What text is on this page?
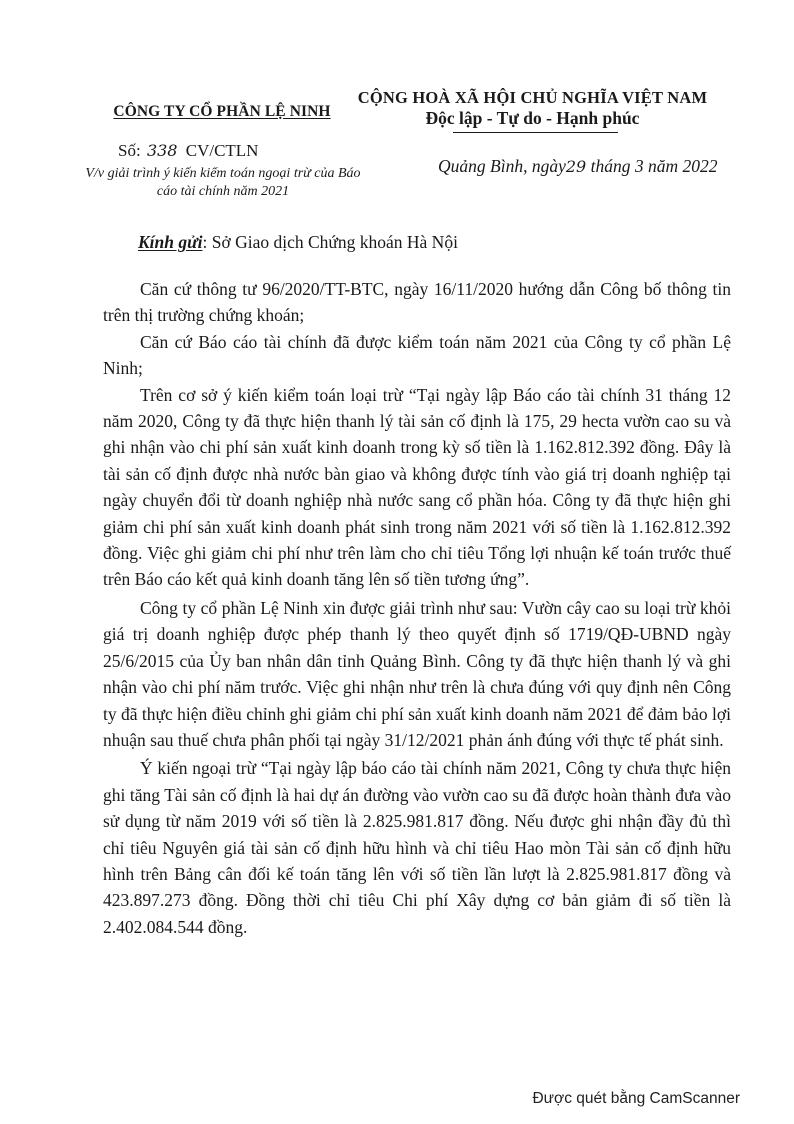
CÔNG TY CỔ PHẦN LỆ NINH
Số: 338 CV/CTLN
V/v giải trình ý kiến kiểm toán ngoại trừ của Báo cáo tài chính năm 2021
CỘNG HOÀ XÃ HỘI CHỦ NGHĨA VIỆT NAM
Độc lập - Tự do - Hạnh phúc
Quảng Bình, ngày29 tháng 3 năm 2022
Kính gửi: Sở Giao dịch Chứng khoán Hà Nội

Căn cứ thông tư 96/2020/TT-BTC, ngày 16/11/2020 hướng dẫn Công bố thông tin trên thị trường chứng khoán;

Căn cứ Báo cáo tài chính đã được kiểm toán năm 2021 của Công ty cổ phần Lệ Ninh;

Trên cơ sở ý kiến kiểm toán loại trừ “Tại ngày lập Báo cáo tài chính 31 tháng 12 năm 2020, Công ty đã thực hiện thanh lý tài sản cố định là 175, 29 hecta vườn cao su và ghi nhận vào chi phí sản xuất kinh doanh trong kỳ số tiền là 1.162.812.392 đồng. Đây là tài sản cố định được nhà nước bàn giao và không được tính vào giá trị doanh nghiệp tại ngày chuyển đổi từ doanh nghiệp nhà nước sang cổ phần hóa. Công ty đã thực hiện ghi giảm chi phí sản xuất kinh doanh phát sinh trong năm 2021 với số tiền là 1.162.812.392 đồng. Việc ghi giảm chi phí như trên làm cho chỉ tiêu Tổng lợi nhuận kế toán trước thuế trên Báo cáo kết quả kinh doanh tăng lên số tiền tương ứng”.

Công ty cổ phần Lệ Ninh xin được giải trình như sau: Vườn cây cao su loại trừ khỏi giá trị doanh nghiệp được phép thanh lý theo quyết định số 1719/QĐ-UBND ngày 25/6/2015 của Ủy ban nhân dân tỉnh Quảng Bình. Công ty đã thực hiện thanh lý và ghi nhận vào chi phí năm trước. Việc ghi nhận như trên là chưa đúng với quy định nên Công ty đã thực hiện điều chỉnh ghi giảm chi phí sản xuất kinh doanh năm 2021 để đảm bảo lợi nhuận sau thuế chưa phân phối tại ngày 31/12/2021 phản ánh đúng với thực tế phát sinh.

Ý kiến ngoại trừ “Tại ngày lập báo cáo tài chính năm 2021, Công ty chưa thực hiện ghi tăng Tài sản cố định là hai dự án đường vào vườn cao su đã được hoàn thành đưa vào sử dụng từ năm 2019 với số tiền là 2.825.981.817 đồng. Nếu được ghi nhận đầy đủ thì chỉ tiêu Nguyên giá tài sản cố định hữu hình và chỉ tiêu Hao mòn Tài sản cố định hữu hình trên Bảng cân đối kế toán tăng lên với số tiền lần lượt là 2.825.981.817 đồng và 423.897.273 đồng. Đồng thời chỉ tiêu Chi phí Xây dựng cơ bản giảm đi số tiền là 2.402.084.544 đồng.

Được quét bằng CamScanner
